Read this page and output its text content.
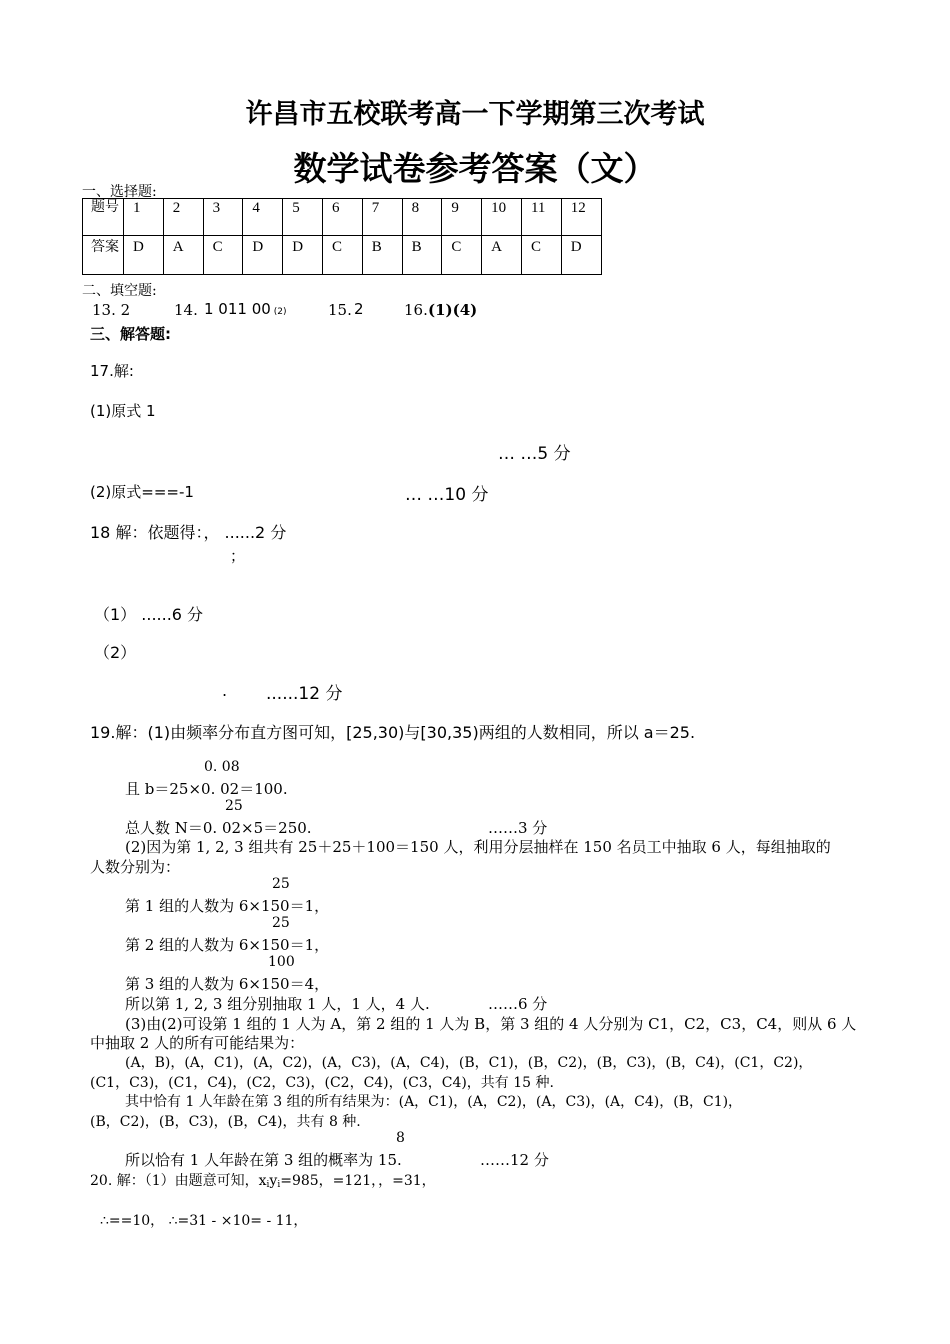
许昌市五校联考高一下学期第三次考试
数学试卷参考答案（文）
一、选择题:
题号	1	2	3	4	5	6	7	8	9	10	11	12
答案	D	A	C	D	D	C	B	B	C	A	C	D
二、填空题:
13. 2	14. 1 011 00 (2)	15. 2	16. (1)(4)
三、解答题:
17.解:
(1)原式 1
… …5 分
(2)原式===-1	… …10 分
18 解：依题得：， ......2 分
；
（1） ......6 分
（2）
. ......12 分
19.解：(1)由频率分布直方图可知，[25,30)与[30,35)两组的人数相同，所以 a＝25.
0. 08
且 b＝25×0. 02＝100.
25
总人数 N＝0. 02×5＝250.	……3 分
(2)因为第 1, 2, 3 组共有 25＋25＋100＝150 人，利用分层抽样在 150 名员工中抽取 6 人，每组抽取的
人数分别为：
25
第 1 组的人数为 6×150＝1，
25
第 2 组的人数为 6×150＝1，
100
第 3 组的人数为 6×150＝4，
所以第 1, 2, 3 组分别抽取 1 人，1 人，4 人.	……6 分
(3)由(2)可设第 1 组的 1 人为 A，第 2 组的 1 人为 B，第 3 组的 4 人分别为 C1，C2，C3，C4，则从 6 人
中抽取 2 人的所有可能结果为：
(A，B)，(A，C1)，(A，C2)，(A，C3)，(A，C4)，(B，C1)，(B，C2)，(B，C3)，(B，C4)，(C1，C2)，
(C1，C3)，(C1，C4)，(C2，C3)，(C2，C4)，(C3，C4)，共有 15 种.
其中恰有 1 人年龄在第 3 组的所有结果为：(A，C1)，(A，C2)，(A，C3)，(A，C4)，(B，C1)，
(B，C2)，(B，C3)，(B，C4)，共有 8 种.
8
所以恰有 1 人年龄在第 3 组的概率为 15.	……12 分
20. 解：（1）由题意可知，$x_iy_i=985$，=121，，=31，
∴==10， ∴=31 - ×10= - 11，
